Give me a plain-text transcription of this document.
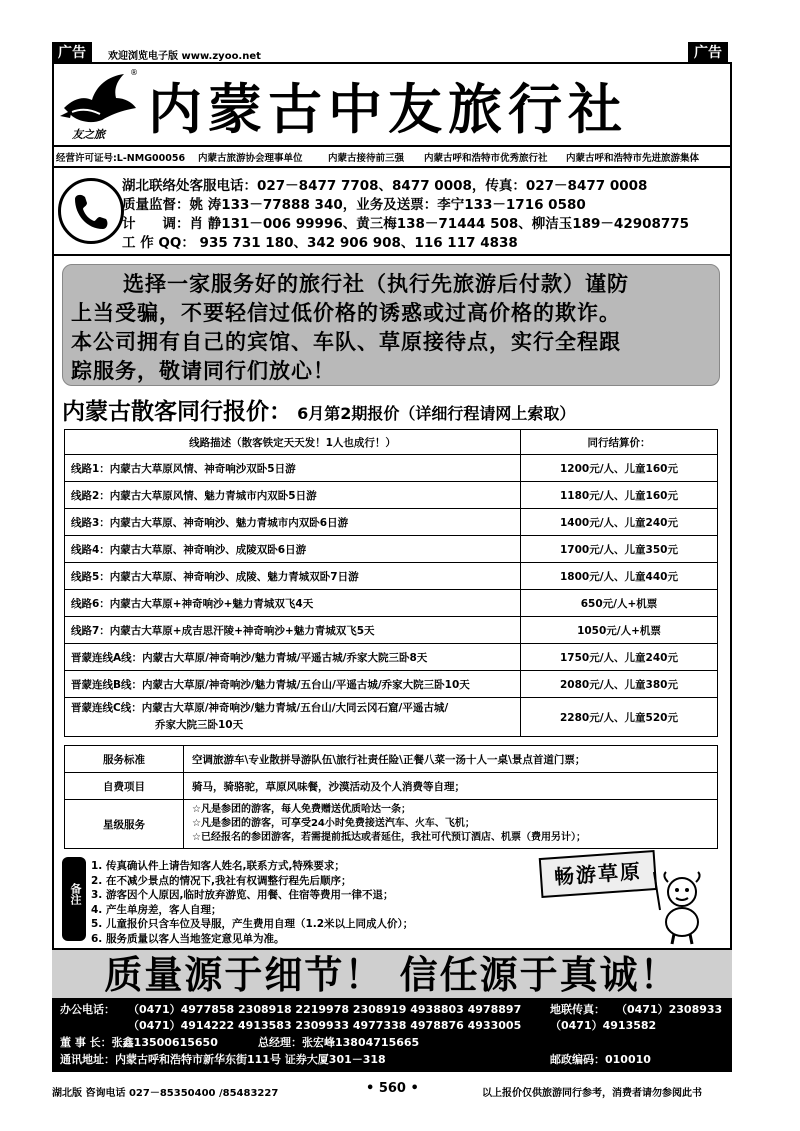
广告	欢迎浏览电子版 www.zyoo.net	广告
®
友之旅 内蒙古中友旅行社
经营许可证号:L-NMG00056 内蒙古旅游协会理事单位	内蒙古接待前三强 内蒙古呼和浩特市优秀旅行社 内蒙古呼和浩特市先进旅游集体
湖北联络处客服电话：027－8477 7708、8477 0008，传真：027－8477 0008
质量监督：姚 涛133－77888 340，业务及送票：李宁133－1716 0580
计　　调：肖 静131－006 99996、黄三梅138－71444 508、柳洁玉189－42908775
工 作 QQ： 935 731 180、342 906 908、116 117 4838
选择一家服务好的旅行社（执行先旅游后付款）谨防
上当受骗，不要轻信过低价格的诱惑或过高价格的欺诈。
本公司拥有自己的宾馆、车队、草原接待点，实行全程跟
踪服务，敬请同行们放心！
内蒙古散客同行报价： 6月第2期报价（详细行程请网上索取）
线路描述（散客铁定天天发！1人也成行！）	同行结算价：
线路1：内蒙古大草原风情、神奇响沙双卧5日游	1200元/人、儿童160元
线路2：内蒙古大草原风情、魅力青城市内双卧5日游	1180元/人、儿童160元
线路3：内蒙古大草原、神奇响沙、魅力青城市内双卧6日游	1400元/人、儿童240元
线路4：内蒙古大草原、神奇响沙、成陵双卧6日游	1700元/人、儿童350元
线路5：内蒙古大草原、神奇响沙、成陵、魅力青城双卧7日游	1800元/人、儿童440元
线路6：内蒙古大草原+神奇响沙+魅力青城双飞4天	650元/人+机票
线路7：内蒙古大草原+成吉思汗陵+神奇响沙+魅力青城双飞5天	1050元/人+机票
晋蒙连线A线：内蒙古大草原/神奇响沙/魅力青城/平遥古城/乔家大院三卧8天	1750元/人、儿童240元
晋蒙连线B线：内蒙古大草原/神奇响沙/魅力青城/五台山/平遥古城/乔家大院三卧10天	2080元/人、儿童380元

晋蒙连线C线：内蒙古大草原/神奇响沙/魅力青城/五台山/大同云冈石窟/平遥古城/
乔家大院三卧10天	2280元/人、儿童520元
服务标准	空调旅游车\专业散拼导游队伍\旅行社责任险\正餐八菜一汤十人一桌\景点首道门票；
自费项目	骑马，骑骆驼，草原风味餐，沙漠活动及个人消费等自理；
星级服务	☆凡是参团的游客，每人免费赠送优质哈达一条；
☆凡是参团的游客，可享受24小时免费接送汽车、火车、飞机；
☆已经报名的参团游客，若需提前抵达或者延住，我社可代预订酒店、机票（费用另计）；
备注
1. 传真确认件上请告知客人姓名,联系方式,特殊要求；
2. 在不减少景点的情况下,我社有权调整行程先后顺序；
3. 游客因个人原因,临时放弃游览、用餐、住宿等费用一律不退；
4. 产生单房差，客人自理；
5. 儿童报价只含车位及导服，产生费用自理（1.2米以上同成人价）；
6. 服务质量以客人当地签定意见单为准。
畅游草原
质量源于细节！ 信任源于真诚！
办公电话： （0471）4977858 2308918 2219978 2308919 4938803 4978897
（0471）4914222 4913583 2309933 4977338 4978876 4933005
地联传真： （0471）2308933
（0471）4913582
董 事 长：张鑫13500615650	总经理：张宏峰13804715665
通讯地址：内蒙古呼和浩特市新华东街111号 证券大厦301－318	邮政编码：010010
湖北版 咨询电话 027－85350400 /85483227	• 560 •	以上报价仅供旅游同行参考，消费者请勿参阅此书
